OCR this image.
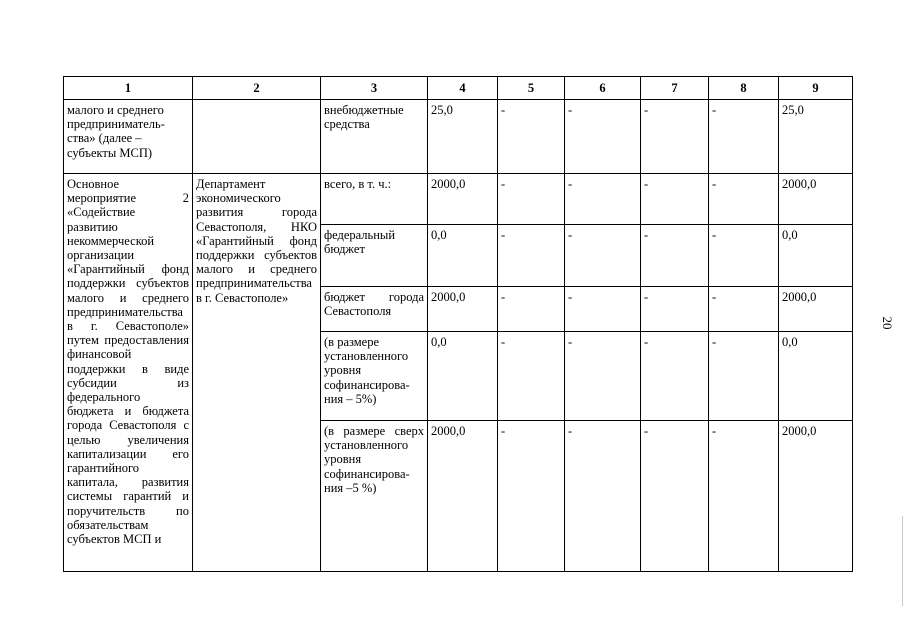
1	2	3	4	5	6	7	8	9
малого и среднего предприниматель-ства» (далее – субъекты МСП)		внебюджетные средства	25,0	-	-	-	-	25,0
Основное мероприятие 2 «Содействие развитию некоммерческой организации «Гарантийный фонд поддержки субъектов малого и среднего предпринимательства в г. Севастополе» путем предоставления финансовой поддержки в виде субсидии из федерального бюджета и бюджета города Севастополя с целью увеличения капитализации его гарантийного капитала, развития системы гарантий и поручительств по обязательствам субъектов МСП и	Департамент экономического развития города Севастополя, НКО «Гарантийный фонд поддержки субъектов малого и среднего предпринимательства в г. Севастополе»	всего, в т. ч.:	2000,0	-	-	-	-	2000,0
		федеральный бюджет	0,0	-	-	-	-	0,0
		бюджет города Севастополя	2000,0	-	-	-	-	2000,0
		(в размере установленного уровня софинансирова-ния – 5%)	0,0	-	-	-	-	0,0
		(в размере сверх установленного уровня софинансирова-ния –5 %)	2000,0	-	-	-	-	2000,0
20
